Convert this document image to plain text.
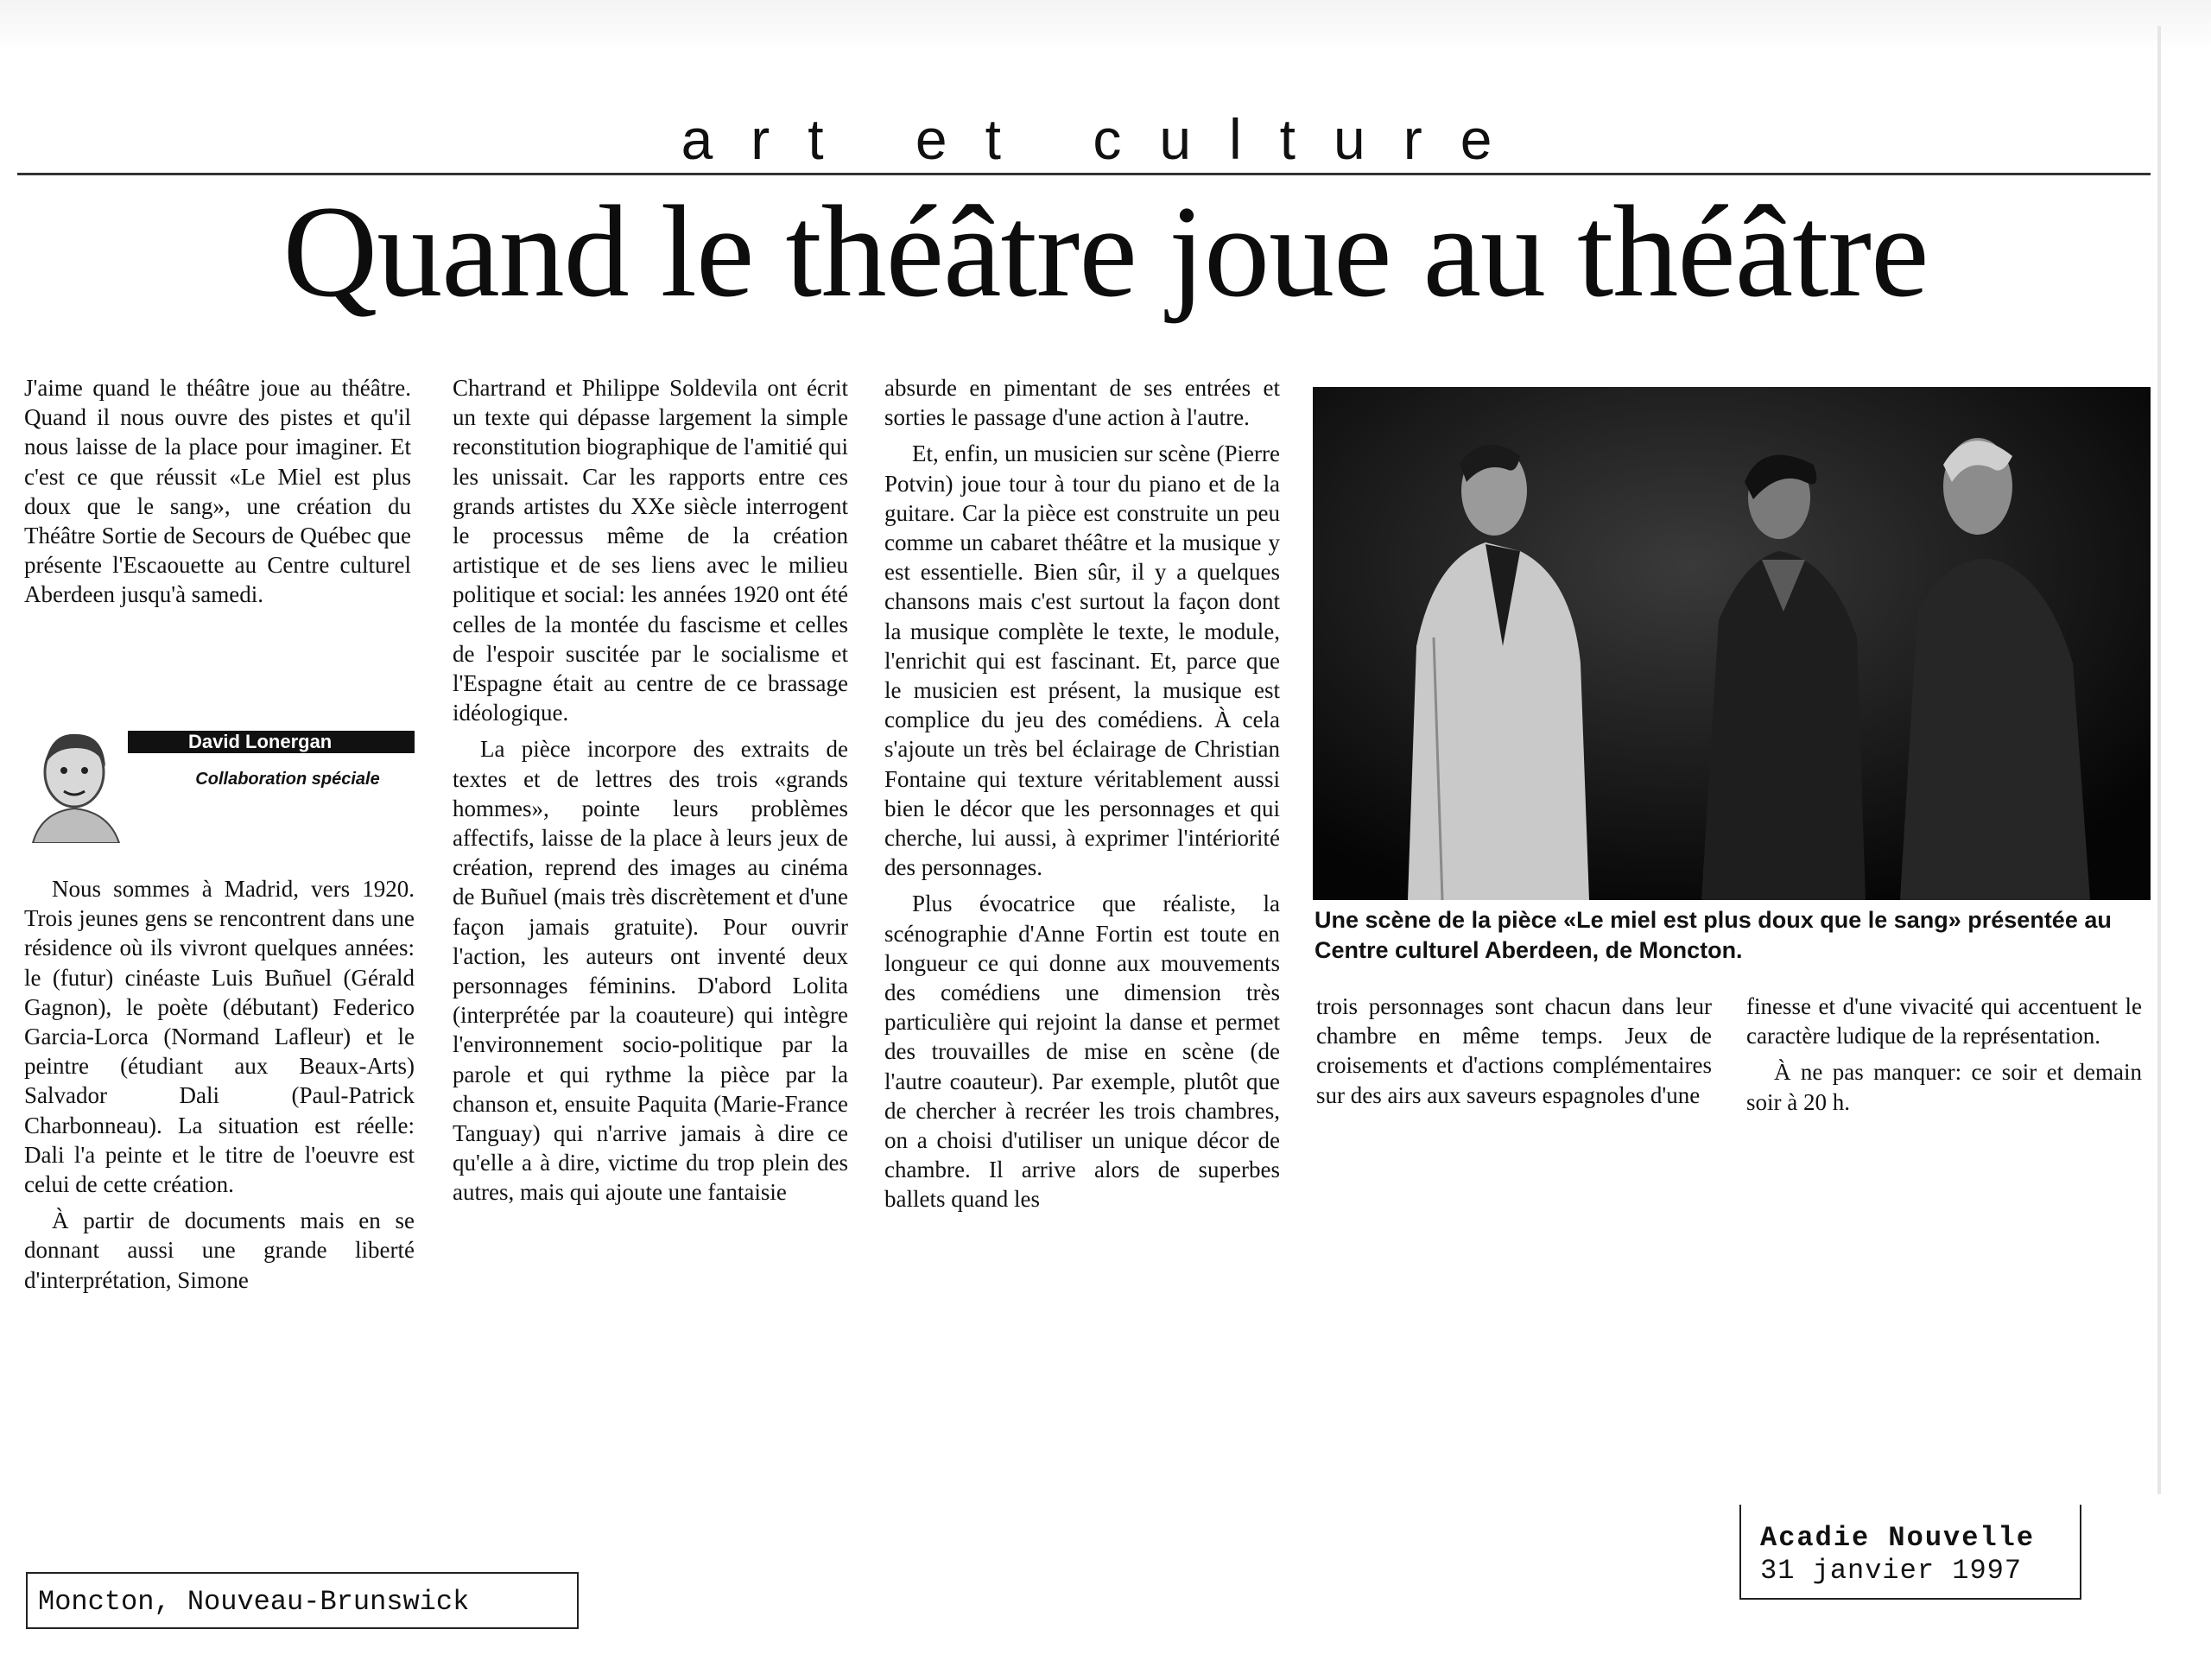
art et culture
Quand le théâtre joue au théâtre

J'aime quand le théâtre joue au théâtre. Quand il nous ouvre des pistes et qu'il nous laisse de la place pour imaginer. Et c'est ce que réussit «Le Miel est plus doux que le sang», une création du Théâtre Sortie de Secours de Québec que présente l'Escaouette au Centre culturel Aberdeen jusqu'à samedi.

David Lonergan
Collaboration spéciale

Nous sommes à Madrid, vers 1920. Trois jeunes gens se rencontrent dans une résidence où ils vivront quelques années: le (futur) cinéaste Luis Buñuel (Gérald Gagnon), le poète (débutant) Federico Garcia-Lorca (Normand Lafleur) et le peintre (étudiant aux Beaux-Arts) Salvador Dali (Paul-Patrick Charbonneau). La situation est réelle: Dali l'a peinte et le titre de l'oeuvre est celui de cette création.

À partir de documents mais en se donnant aussi une grande liberté d'interprétation, Simone

Chartrand et Philippe Soldevila ont écrit un texte qui dépasse largement la simple reconstitution biographique de l'amitié qui les unissait. Car les rapports entre ces grands artistes du XXe siècle interrogent le processus même de la création artistique et de ses liens avec le milieu politique et social: les années 1920 ont été celles de la montée du fascisme et celles de l'espoir suscitée par le socialisme et l'Espagne était au centre de ce brassage idéologique.

La pièce incorpore des extraits de textes et de lettres des trois «grands hommes», pointe leurs problèmes affectifs, laisse de la place à leurs jeux de création, reprend des images au cinéma de Buñuel (mais très discrètement et d'une façon jamais gratuite). Pour ouvrir l'action, les auteurs ont inventé deux personnages féminins. D'abord Lolita (interprétée par la coauteure) qui intègre l'environnement socio-politique par la parole et qui rythme la pièce par la chanson et, ensuite Paquita (Marie-France Tanguay) qui n'arrive jamais à dire ce qu'elle a à dire, victime du trop plein des autres, mais qui ajoute une fantaisie

absurde en pimentant de ses entrées et sorties le passage d'une action à l'autre.

Et, enfin, un musicien sur scène (Pierre Potvin) joue tour à tour du piano et de la guitare. Car la pièce est construite un peu comme un cabaret théâtre et la musique y est essentielle. Bien sûr, il y a quelques chansons mais c'est surtout la façon dont la musique complète le texte, le module, l'enrichit qui est fascinant. Et, parce que le musicien est présent, la musique est complice du jeu des comédiens. À cela s'ajoute un très bel éclairage de Christian Fontaine qui texture véritablement aussi bien le décor que les personnages et qui cherche, lui aussi, à exprimer l'intériorité des personnages.

Plus évocatrice que réaliste, la scénographie d'Anne Fortin est toute en longueur ce qui donne aux mouvements des comédiens une dimension très particulière qui rejoint la danse et permet des trouvailles de mise en scène (de l'autre coauteur). Par exemple, plutôt que de chercher à recréer les trois chambres, on a choisi d'utiliser un unique décor de chambre. Il arrive alors de superbes ballets quand les

Une scène de la pièce «Le miel est plus doux que le sang» présentée au Centre culturel Aberdeen, de Moncton.

trois personnages sont chacun dans leur chambre en même temps. Jeux de croisements et d'actions complémentaires sur des airs aux saveurs espagnoles d'une

finesse et d'une vivacité qui accentuent le caractère ludique de la représentation.

À ne pas manquer: ce soir et demain soir à 20 h.

Acadie Nouvelle
31 janvier 1997
Moncton, Nouveau-Brunswick
